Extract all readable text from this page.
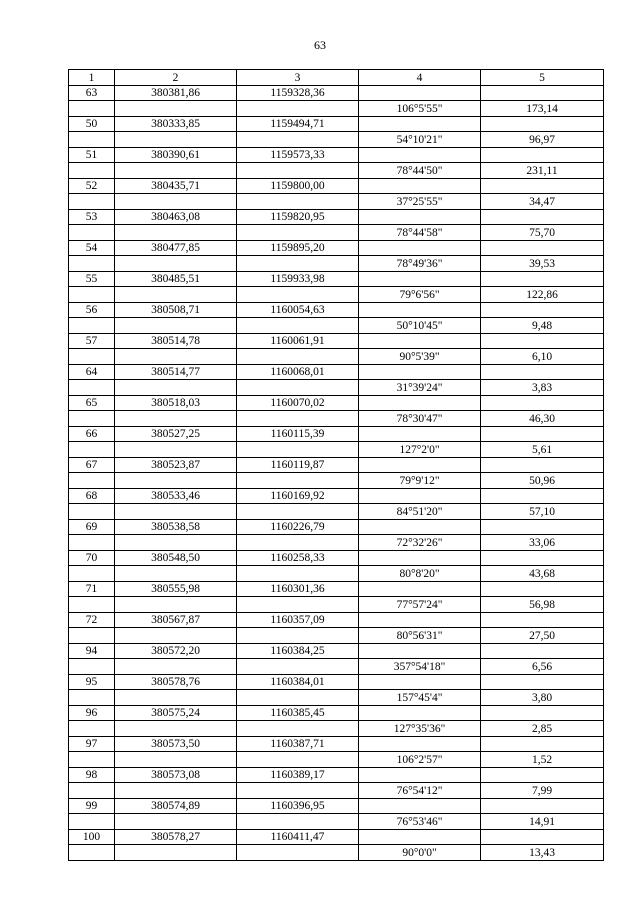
63
1	2	3	4	5
63	380381,86	1159328,36		
			106°5'55"	173,14
50	380333,85	1159494,71		
			54°10'21"	96,97
51	380390,61	1159573,33		
			78°44'50"	231,11
52	380435,71	1159800,00		
			37°25'55"	34,47
53	380463,08	1159820,95		
			78°44'58"	75,70
54	380477,85	1159895,20		
			78°49'36"	39,53
55	380485,51	1159933,98		
			79°6'56"	122,86
56	380508,71	1160054,63		
			50°10'45"	9,48
57	380514,78	1160061,91		
			90°5'39"	6,10
64	380514,77	1160068,01		
			31°39'24"	3,83
65	380518,03	1160070,02		
			78°30'47"	46,30
66	380527,25	1160115,39		
			127°2'0"	5,61
67	380523,87	1160119,87		
			79°9'12"	50,96
68	380533,46	1160169,92		
			84°51'20"	57,10
69	380538,58	1160226,79		
			72°32'26"	33,06
70	380548,50	1160258,33		
			80°8'20"	43,68
71	380555,98	1160301,36		
			77°57'24"	56,98
72	380567,87	1160357,09		
			80°56'31"	27,50
94	380572,20	1160384,25		
			357°54'18"	6,56
95	380578,76	1160384,01		
			157°45'4"	3,80
96	380575,24	1160385,45		
			127°35'36"	2,85
97	380573,50	1160387,71		
			106°2'57"	1,52
98	380573,08	1160389,17		
			76°54'12"	7,99
99	380574,89	1160396,95		
			76°53'46"	14,91
100	380578,27	1160411,47		
			90°0'0"	13,43
